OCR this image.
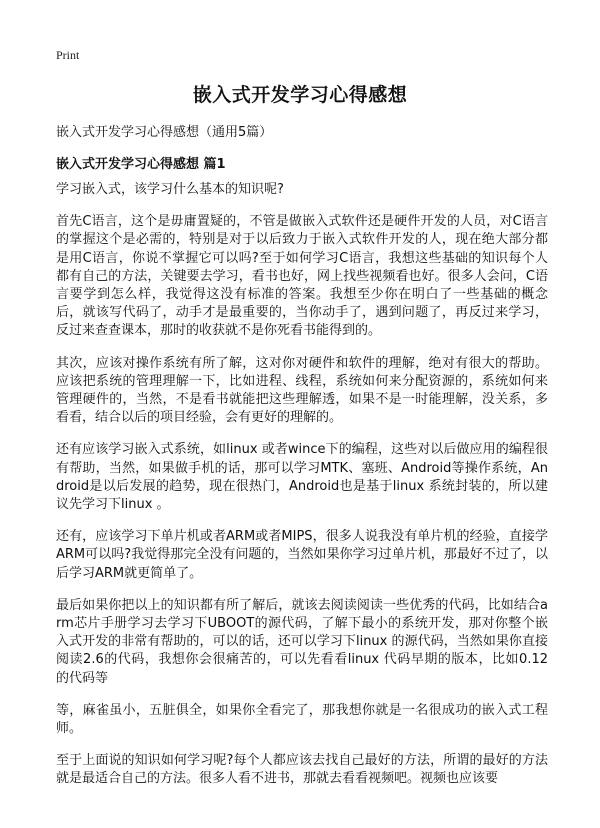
Print
嵌入式开发学习心得感想
嵌入式开发学习心得感想（通用5篇）
嵌入式开发学习心得感想 篇1

学习嵌入式，该学习什么基本的知识呢?

首先C语言，这个是毋庸置疑的，不管是做嵌入式软件还是硬件开发的人员，对C语言的掌握这个是必需的，特别是对于以后致力于嵌入式软件开发的人，现在绝大部分都是用C语言，你说不掌握它可以吗?至于如何学习C语言，我想这些基础的知识每个人都有自己的方法，关键要去学习，看书也好，网上找些视频看也好。很多人会问，C语言要学到怎么样，我觉得这没有标准的答案。我想至少你在明白了一些基础的概念后，就该写代码了，动手才是最重要的，当你动手了，遇到问题了，再反过来学习，反过来查查课本，那时的收获就不是你死看书能得到的。

其次，应该对操作系统有所了解，这对你对硬件和软件的理解，绝对有很大的帮助。应该把系统的管理理解一下，比如进程、线程，系统如何来分配资源的，系统如何来管理硬件的，当然，不是看书就能把这些理解透，如果不是一时能理解，没关系，多看看，结合以后的项目经验，会有更好的理解的。

还有应该学习嵌入式系统，如linux 或者wince下的编程，这些对以后做应用的编程很有帮助，当然，如果做手机的话，那可以学习MTK、塞班、Android等操作系统，Android是以后发展的趋势，现在很热门，Android也是基于linux 系统封装的，所以建议先学习下linux 。

还有，应该学习下单片机或者ARM或者MIPS，很多人说我没有单片机的经验，直接学ARM可以吗?我觉得那完全没有问题的，当然如果你学习过单片机，那最好不过了，以后学习ARM就更简单了。

最后如果你把以上的知识都有所了解后，就该去阅读阅读一些优秀的代码，比如结合arm芯片手册学习去学习下UBOOT的源代码，了解下最小的系统开发，那对你整个嵌入式开发的非常有帮助的，可以的话，还可以学习下linux 的源代码，当然如果你直接阅读2.6的代码，我想你会很痛苦的，可以先看看linux 代码早期的版本，比如0.12 的代码等

等，麻雀虽小，五脏俱全，如果你全看完了，那我想你就是一名很成功的嵌入式工程师。

至于上面说的知识如何学习呢?每个人都应该去找自己最好的方法，所谓的最好的方法就是最适合自己的方法。很多人看不进书，那就去看看视频吧。视频也应该要
